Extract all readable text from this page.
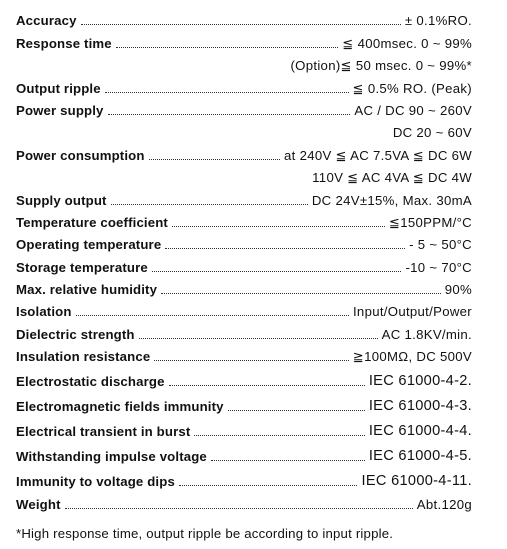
Accuracy	± 0.1%RO.
Response time	≦ 400msec. 0 ~ 99%
(Option)≦ 50 msec. 0 ~ 99%*
Output ripple	≦ 0.5% RO. (Peak)
Power supply	AC / DC 90 ~ 260V
DC 20 ~ 60V
Power consumption	at 240V ≦ AC 7.5VA ≦ DC 6W
110V ≦ AC 4VA ≦ DC 4W
Supply output	DC 24V±15%, Max. 30mA
Temperature coefficient	≦150PPM/°C
Operating temperature	- 5 ~ 50°C
Storage temperature	-10 ~ 70°C
Max. relative humidity	90%
Isolation	Input/Output/Power
Dielectric strength	AC 1.8KV/min.
Insulation resistance	≧100MΩ, DC 500V
Electrostatic discharge	IEC 61000-4-2.
Electromagnetic fields immunity	IEC 61000-4-3.
Electrical transient in burst	IEC 61000-4-4.
Withstanding impulse voltage	IEC 61000-4-5.
Immunity to voltage dips	IEC 61000-4-11.
Weight	Abt.120g
*High response time, output ripple be according to input ripple.
